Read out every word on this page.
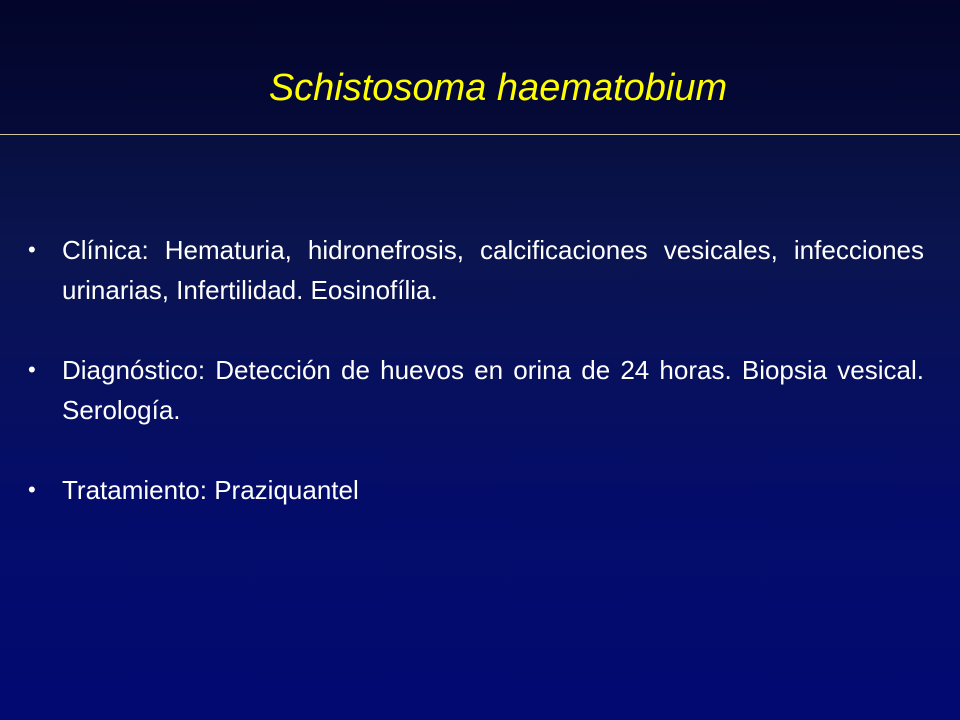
Schistosoma haematobium
• Clínica: Hematuria, hidronefrosis, calcificaciones vesicales, infecciones urinarias, Infertilidad. Eosinofília.
• Diagnóstico: Detección de huevos en orina de 24 horas. Biopsia vesical. Serología.
• Tratamiento: Praziquantel
